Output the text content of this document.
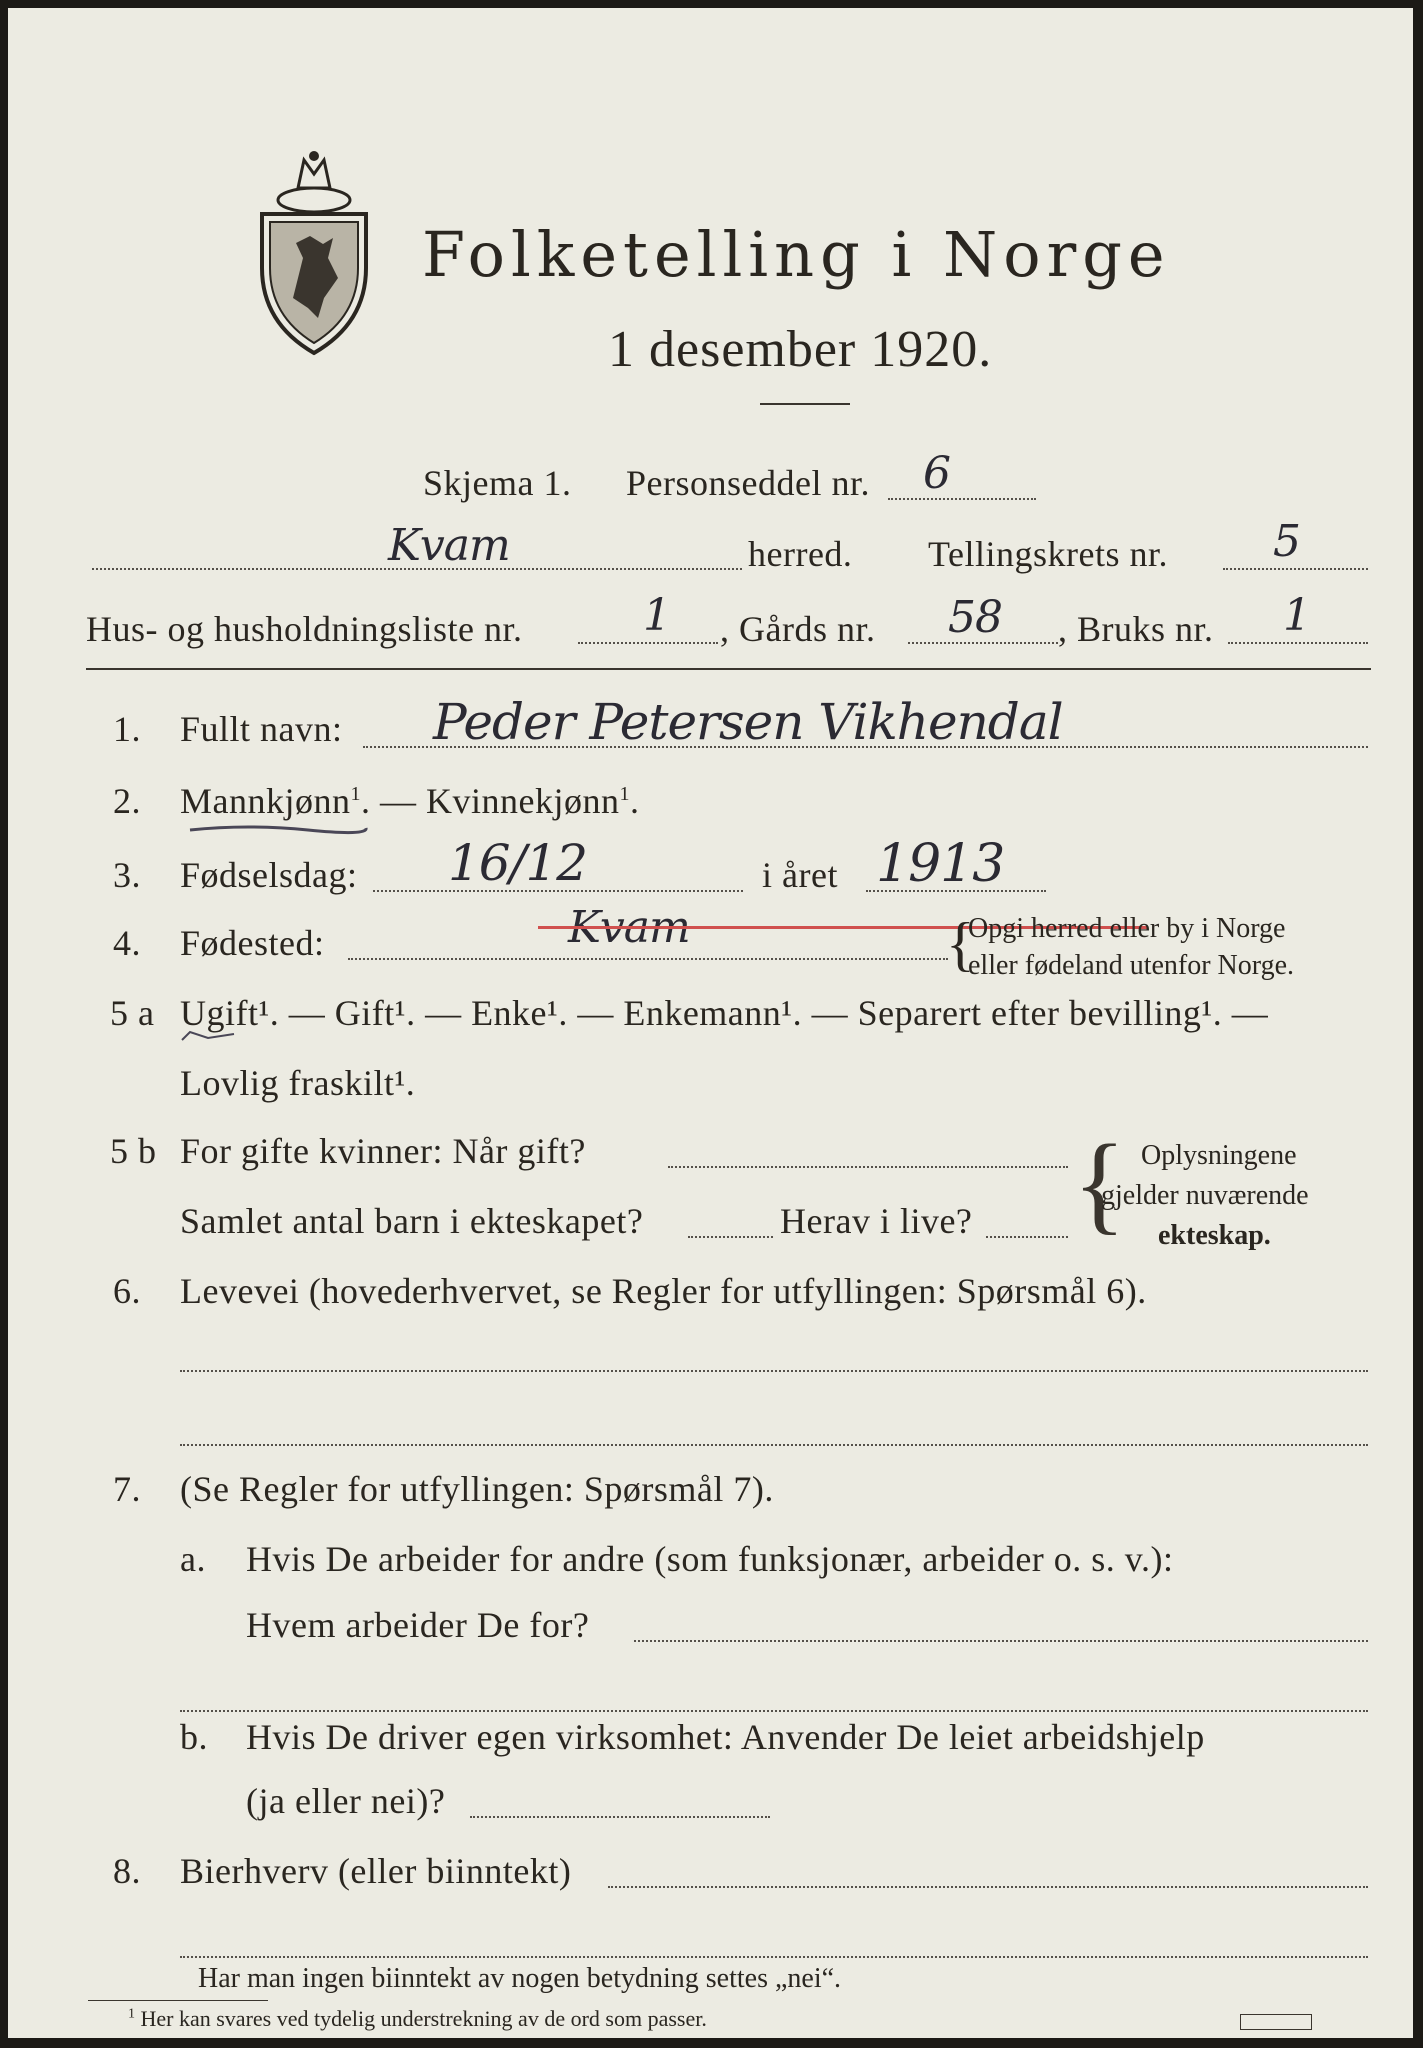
Folketelling i Norge
1 desember 1920.
Skjema 1. Personseddel nr. 6
Kvam	herred. Tellingskrets nr. 5
Hus- og husholdningsliste nr.	1 , Gårds nr. 58 , Bruks nr. 1
1. Fullt navn: Peder Petersen Vikhendal
2. Mannkjønn$^1$. — Kvinnekjønn$^1$.
3. Fødselsdag: 16/12	i året 1913
4. Fødested:	Kvam	{
Opgi herred eller by i Norge
eller fødeland utenfor Norge.
5 a Ugift¹. — Gift¹. — Enke¹. — Enkemann¹. — Separert efter bevilling¹. —
Lovlig fraskilt¹.
5 b For gifte kvinner: Når gift?
Samlet antal barn i ekteskapet?	Herav i live? { Oplysningene
gjelder nuværende
ekteskap.
6. Levevei (hovederhvervet, se Regler for utfyllingen: Spørsmål 6).
7. (Se Regler for utfyllingen: Spørsmål 7).
a. Hvis De arbeider for andre (som funksjonær, arbeider o. s. v.):
Hvem arbeider De for?
b. Hvis De driver egen virksomhet: Anvender De leiet arbeidshjelp
(ja eller nei)?
8. Bierhverv (eller biinntekt)
Har man ingen biinntekt av nogen betydning settes „nei“.
$^1$ Her kan svares ved tydelig understrekning av de ord som passer.
